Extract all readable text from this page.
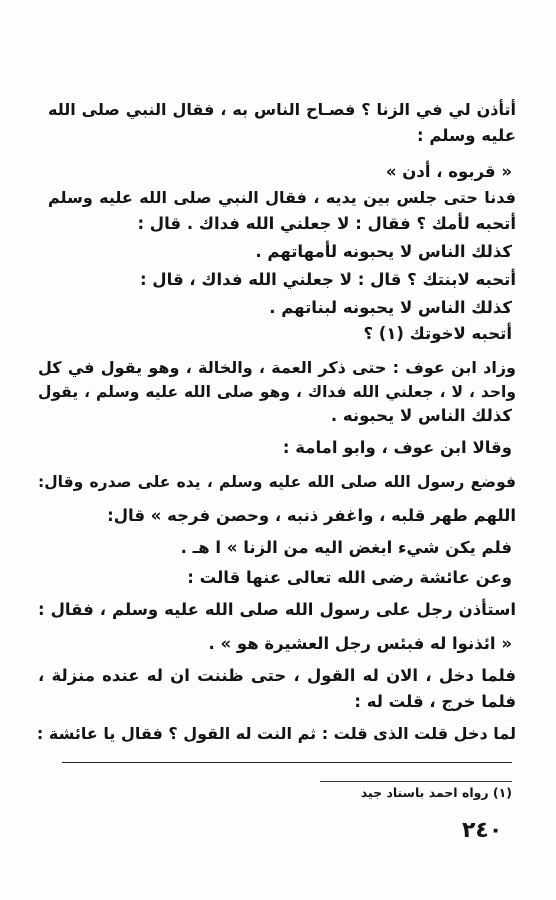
أتأذن لي في الزنا ؟ فصـاح الناس به ، فقال النبي صلى الله
عليه وسلم :
« قربوه ، أدن »
فدنا حتى جلس بين يديه ، فقال النبي صلى الله عليه وسلم
أتحبه لأمك ؟ فقال : لا جعلني الله فداك . قال :
كذلك الناس لا يحبونه لأمهاتهم .
أتحبه لابنتك ؟ قال : لا جعلني الله فداك ، قال :
كذلك الناس لا يحبونه لبناتهم .
أتحبه لاخوتك (١) ؟
وزاد ابن عوف : حتى ذكر العمة ، والخالة ، وهو يقول في كل
واحد ، لا ، جعلني الله فداك ، وهو صلى الله عليه وسلم ، يقول
كذلك الناس لا يحبونه .
وقالا ابن عوف ، وابو امامة :
فوضع رسول الله صلى الله عليه وسلم ، يده على صدره وقال:
اللهم طهر قلبه ، واغفر ذنبه ، وحصن فرجه » قال:
فلم يكن شيء ابغض اليه من الزنا » ا هـ .
وعن عائشة رضى الله تعالى عنها قالت :
استأذن رجل على رسول الله صلى الله عليه وسلم ، فقال :
« ائذنوا له فبئس رجل العشيرة هو » .
فلما دخل ، الان له القول ، حتى ظننت ان له عنده منزلة ،
فلما خرج ، قلت له :
لما دخل قلت الذى قلت : ثم النت له القول ؟ فقال يا عائشة :
(١) رواه احمد باسناد جيد
٢٤٠
